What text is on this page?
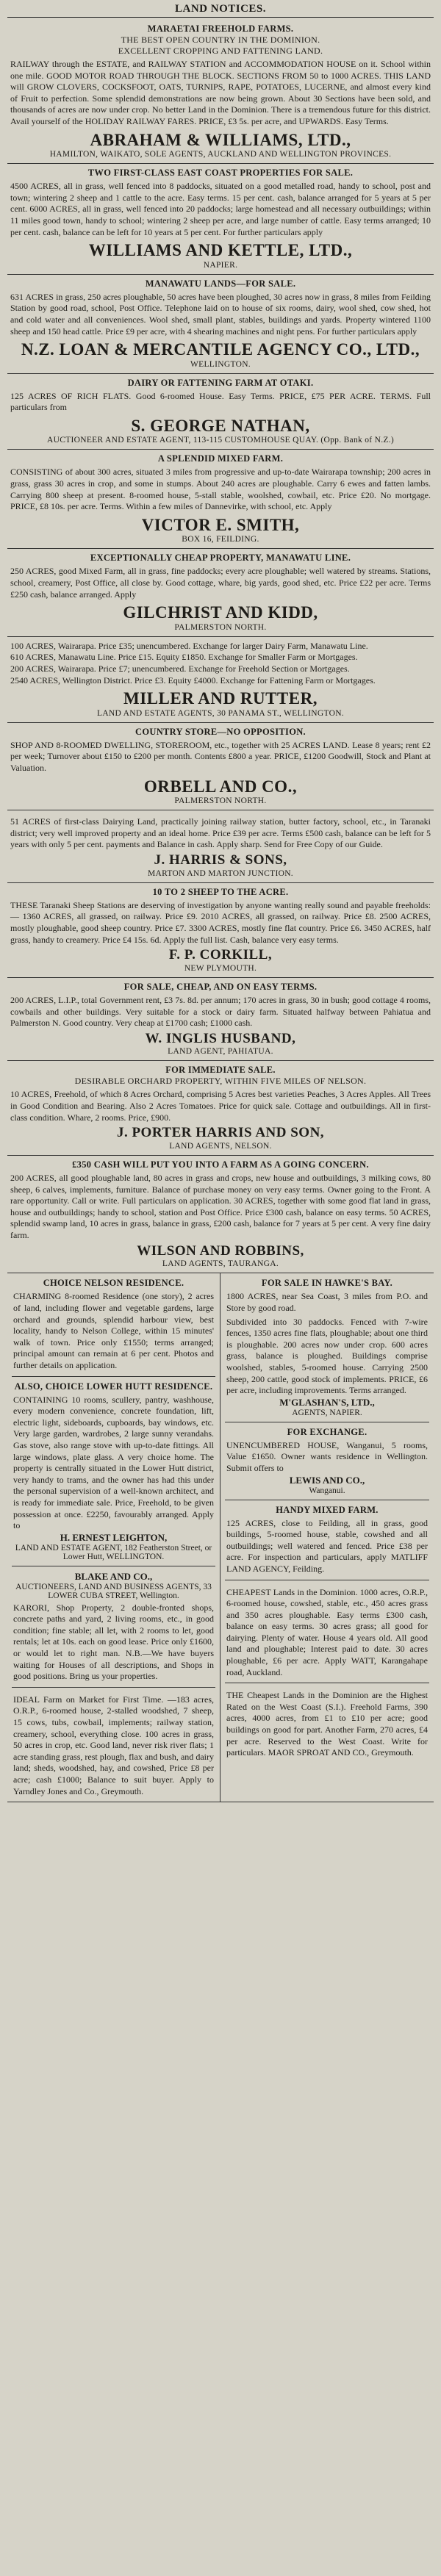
LAND NOTICES.
MARAETAI FREEHOLD FARMS.
THE BEST OPEN COUNTRY IN THE DOMINION.
EXCELLENT CROPPING AND FATTENING LAND.
RAILWAY through the ESTATE, and RAILWAY STATION and ACCOMMODATION HOUSE on it. School within one mile. GOOD MOTOR ROAD THROUGH THE BLOCK. SECTIONS FROM 50 to 1000 ACRES. THIS LAND will GROW CLOVERS, COCKSFOOT, OATS, TURNIPS, RAPE, POTATOES, LUCERNE, and almost every kind of Fruit to perfection. Some splendid demonstrations are now being grown. About 30 Sections have been sold, and thousands of acres are now under crop. No better Land in the Dominion. There is a tremendous future for this district. Avail yourself of the HOLIDAY RAILWAY FARES. PRICE, £3 5s. per acre, and UPWARDS. Easy Terms.
ABRAHAM & WILLIAMS, LTD.,
HAMILTON, WAIKATO, SOLE AGENTS, AUCKLAND AND WELLINGTON PROVINCES.
TWO FIRST-CLASS EAST COAST PROPERTIES FOR SALE.
4500 ACRES, all in grass, well fenced into 8 paddocks, situated on a good metalled road, handy to school, post and town; wintering 2 sheep and 1 cattle to the acre. Easy terms. 15 per cent. cash, balance arranged for 5 years at 5 per cent. 6000 ACRES, all in grass, well fenced into 20 paddocks; large homestead and all necessary outbuildings; within 11 miles good town, handy to school; wintering 2 sheep per acre, and large number of cattle. Easy terms arranged; 10 per cent. cash, balance can be left for 10 years at 5 per cent. For further particulars apply
WILLIAMS AND KETTLE, LTD.,
NAPIER.
MANAWATU LANDS—FOR SALE.
631 ACRES in grass, 250 acres ploughable, 50 acres have been ploughed, 30 acres now in grass, 8 miles from Feilding Station by good road, school, Post Office. Telephone laid on to house of six rooms, dairy, wool shed, cow shed, hot and cold water and all conveniences. Wool shed, small plant, stables, buildings and yards. Property wintered 1100 sheep and 150 head cattle. Price £9 per acre, with 4 shearing machines and night pens. For further particulars apply
N.Z. LOAN & MERCANTILE AGENCY CO., LTD.,
WELLINGTON.
DAIRY OR FATTENING FARM AT OTAKI.
125 ACRES OF RICH FLATS. Good 6-roomed House. Easy Terms. PRICE, £75 PER ACRE. TERMS. Full particulars from
S. GEORGE NATHAN,
AUCTIONEER AND ESTATE AGENT, 113-115 CUSTOMHOUSE QUAY. (Opp. Bank of N.Z.)
A SPLENDID MIXED FARM.
CONSISTING of about 300 acres, situated 3 miles from progressive and up-to-date Wairarapa township; 200 acres in grass, grass 30 acres in crop, and some in stumps. About 240 acres are ploughable. Carry 6 ewes and fatten lambs. Carrying 800 sheep at present. 8-roomed house, 5-stall stable, woolshed, cowbail, etc. Price £20. No mortgage. PRICE, £8 10s. per acre. Terms. Within a few miles of Dannevirke, with school, etc. Apply
VICTOR E. SMITH,
BOX 16, FEILDING.
EXCEPTIONALLY CHEAP PROPERTY, MANAWATU LINE.
250 ACRES, good Mixed Farm, all in grass, fine paddocks; every acre ploughable; well watered by streams. Stations, school, creamery, Post Office, all close by. Good cottage, whare, big yards, good shed, etc. Price £22 per acre. Terms £250 cash, balance arranged. Apply
GILCHRIST AND KIDD,
PALMERSTON NORTH.
100 ACRES, Wairarapa. Price £35; unencumbered. Exchange for larger Dairy Farm, Manawatu Line.
610 ACRES, Manawatu Line. Price £15. Equity £1850. Exchange for Smaller Farm or Mortgages.
200 ACRES, Wairarapa. Price £7; unencumbered. Exchange for Freehold Section or Mortgages.
2540 ACRES, Wellington District. Price £3. Equity £4000. Exchange for Fattening Farm or Mortgages.
MILLER AND RUTTER,
LAND AND ESTATE AGENTS, 30 PANAMA ST., WELLINGTON.
COUNTRY STORE—NO OPPOSITION.
SHOP AND 8-ROOMED DWELLING, STOREROOM, etc., together with 25 ACRES LAND. Lease 8 years; rent £2 per week; Turnover about £150 to £200 per month. Contents £800 a year. PRICE, £1200 Goodwill, Stock and Plant at Valuation.
ORBELL AND CO.,
PALMERSTON NORTH.
51 ACRES of first-class Dairying Land, practically joining railway station, butter factory, school, etc., in Taranaki district; very well improved property and an ideal home. Price £39 per acre. Terms £500 cash, balance can be left for 5 years with only 5 per cent. payments and Balance in cash. Apply sharp. Send for Free Copy of our Guide.
J. HARRIS & SONS,
MARTON AND MARTON JUNCTION.
10 TO 2 SHEEP TO THE ACRE.
THESE Taranaki Sheep Stations are deserving of investigation by anyone wanting really sound and payable freeholds:— 1360 ACRES, all grassed, on railway. Price £9. 2010 ACRES, all grassed, on railway. Price £8. 2500 ACRES, mostly ploughable, good sheep country. Price £7. 3300 ACRES, mostly fine flat country. Price £6. 3450 ACRES, half grass, handy to creamery. Price £4 15s. 6d. Apply the full list. Cash, balance very easy terms.
F. P. CORKILL,
NEW PLYMOUTH.
FOR SALE, CHEAP, AND ON EASY TERMS.
200 ACRES, L.I.P., total Government rent, £3 7s. 8d. per annum; 170 acres in grass, 30 in bush; good cottage 4 rooms, cowbails and other buildings. Very suitable for a stock or dairy farm. Situated halfway between Pahiatua and Palmerston N. Good country. Very cheap at £1700 cash; £1000 cash.
W. INGLIS HUSBAND,
LAND AGENT, PAHIATUA.
FOR IMMEDIATE SALE.
DESIRABLE ORCHARD PROPERTY, WITHIN FIVE MILES OF NELSON.
10 ACRES, Freehold, of which 8 Acres Orchard, comprising 5 Acres best varieties Peaches, 3 Acres Apples. All Trees in Good Condition and Bearing. Also 2 Acres Tomatoes. Price for quick sale. Cottage and outbuildings. All in first-class condition. Whare, 2 rooms. Price, £900.
J. PORTER HARRIS AND SON,
LAND AGENTS, NELSON.
£350 CASH WILL PUT YOU INTO A FARM AS A GOING CONCERN.
200 ACRES, all good ploughable land, 80 acres in grass and crops, new house and outbuildings, 3 milking cows, 80 sheep, 6 calves, implements, furniture. Balance of purchase money on very easy terms. Owner going to the Front. A rare opportunity. Call or write. Full particulars on application. 30 ACRES, together with some good flat land in grass, house and outbuildings; handy to school, station and Post Office. Price £300 cash, balance on easy terms. 50 ACRES, splendid swamp land, 10 acres in grass, balance in grass, £200 cash, balance for 7 years at 5 per cent. A very fine dairy farm.
WILSON AND ROBBINS,
LAND AGENTS, TAURANGA.
CHOICE NELSON RESIDENCE.
CHARMING 8-roomed Residence (one story), 2 acres of land, including flower and vegetable gardens, large orchard and grounds, splendid harbour view, best locality, handy to Nelson College, within 15 minutes' walk of town. Price only £1550; terms arranged; principal amount can remain at 6 per cent. Photos and further details on application.
ALSO, CHOICE LOWER HUTT RESIDENCE.
CONTAINING 10 rooms, scullery, pantry, washhouse, every modern convenience, concrete foundation, lift, electric light, sideboards, cupboards, bay windows, etc. Very large garden, wardrobes, 2 large sunny verandahs. Gas stove, also range stove with up-to-date fittings. All large windows, plate glass. A very choice home. The property is centrally situated in the Lower Hutt district, very handy to trams, and the owner has had this under the personal supervision of a well-known architect, and is ready for immediate sale. Price, Freehold, to be given possession at once. £2250, favourably arranged. Apply to
H. ERNEST LEIGHTON,
LAND AND ESTATE AGENT, 182 Featherston Street, or Lower Hutt, WELLINGTON.
BLAKE AND CO.,
AUCTIONEERS, LAND AND BUSINESS AGENTS, 33 LOWER CUBA STREET, Wellington.
KARORI, Shop Property, 2 double-fronted shops, concrete paths and yard, 2 living rooms, etc., in good condition; fine stable; all let, with 2 rooms to let, good rentals; let at 10s. each on good lease. Price only £1600, or would let to right man. N.B.—We have buyers waiting for Houses of all descriptions, and Shops in good positions. Bring us your properties.
IDEAL Farm on Market for First Time. —183 acres, O.R.P., 6-roomed house, 2-stalled woodshed, 7 sheep, 15 cows, tubs, cowbail, implements; railway station, creamery, school, everything close. 100 acres in grass, 50 acres in crop, etc. Good land, never risk river flats; 1 acre standing grass, rest plough, flax and bush, and dairy land; sheds, woodshed, hay, and cowshed, Price £8 per acre; cash £1000; Balance to suit buyer. Apply to Yarndley Jones and Co., Greymouth.
FOR SALE IN HAWKE'S BAY.
1800 ACRES, near Sea Coast, 3 miles from P.O. and Store by good road.
Subdivided into 30 paddocks. Fenced with 7-wire fences, 1350 acres fine flats, ploughable; about one third is ploughable. 200 acres now under crop. 600 acres grass, balance is ploughed. Buildings comprise woolshed, stables, 5-roomed house. Carrying 2500 sheep, 200 cattle, good stock of implements. PRICE, £6 per acre, including improvements. Terms arranged.
M'GLASHAN'S, LTD.,
AGENTS, NAPIER.
FOR EXCHANGE.
UNENCUMBERED HOUSE, Wanganui, 5 rooms, Value £1650. Owner wants residence in Wellington. Submit offers to
LEWIS AND CO.,
Wanganui.
HANDY MIXED FARM.
125 ACRES, close to Feilding, all in grass, good buildings, 5-roomed house, stable, cowshed and all outbuildings; well watered and fenced. Price £38 per acre. For inspection and particulars, apply MATLIFF LAND AGENCY, Feilding.
CHEAPEST Lands in the Dominion. 1000 acres, O.R.P., 6-roomed house, cowshed, stable, etc., 450 acres grass and 350 acres ploughable. Easy terms £300 cash, balance on easy terms. 30 acres grass; all good for dairying. Plenty of water. House 4 years old. All good land and ploughable; Interest paid to date. 30 acres ploughable, £6 per acre. Apply WATT, Karangahape road, Auckland.
THE Cheapest Lands in the Dominion are the Highest Rated on the West Coast (S.I.). Freehold Farms, 390 acres, 4000 acres, from £1 to £10 per acre; good buildings on good for part. Another Farm, 270 acres, £4 per acre. Reserved to the West Coast. Write for particulars. MAOR SPROAT AND CO., Greymouth.
